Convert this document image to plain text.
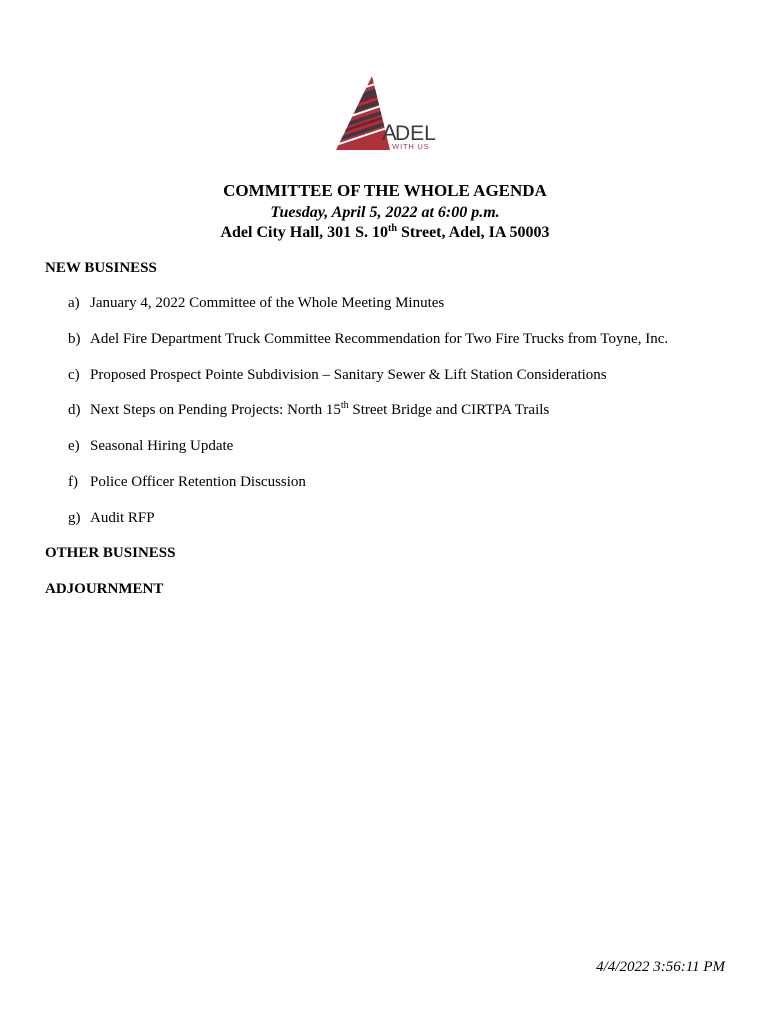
A
DEL
THRIVE WITH US
COMMITTEE OF THE WHOLE AGENDA
Tuesday, April 5, 2022 at 6:00 p.m.
Adel City Hall, 301 S. 10th Street, Adel, IA 50003
NEW BUSINESS
a) January 4, 2022 Committee of the Whole Meeting Minutes
b) Adel Fire Department Truck Committee Recommendation for Two Fire Trucks from Toyne, Inc.
c) Proposed Prospect Pointe Subdivision – Sanitary Sewer & Lift Station Considerations
d) Next Steps on Pending Projects: North 15th Street Bridge and CIRTPA Trails
e) Seasonal Hiring Update
f) Police Officer Retention Discussion
g) Audit RFP
OTHER BUSINESS
ADJOURNMENT
4/4/2022 3:56:11 PM
